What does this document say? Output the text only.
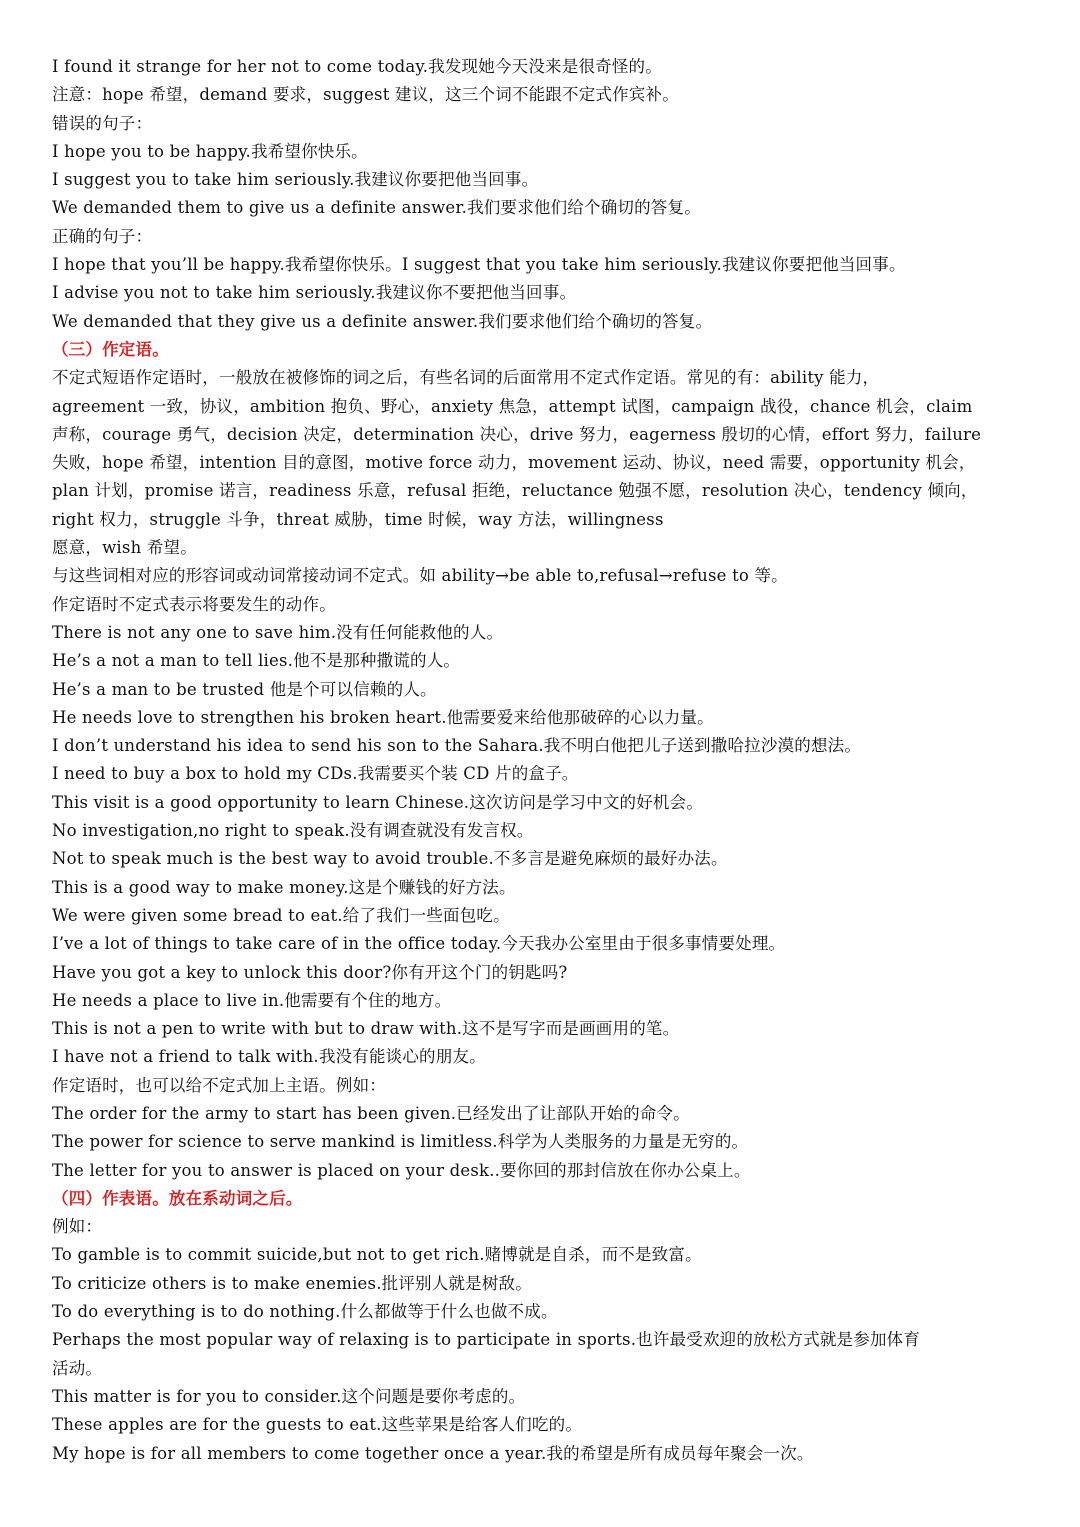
I found it strange for her not to come today.我发现她今天没来是很奇怪的。
注意：hope 希望，demand 要求，suggest 建议，这三个词不能跟不定式作宾补。
错误的句子：
I hope you to be happy.我希望你快乐。
I suggest you to take him seriously.我建议你要把他当回事。
We demanded them to give us a definite answer.我们要求他们给个确切的答复。
正确的句子：
I hope that you’ll be happy.我希望你快乐。I suggest that you take him seriously.我建议你要把他当回事。
I advise you not to take him seriously.我建议你不要把他当回事。
We demanded that they give us a definite answer.我们要求他们给个确切的答复。
（三）作定语。
不定式短语作定语时，一般放在被修饰的词之后，有些名词的后面常用不定式作定语。常见的有：ability 能力，
agreement 一致，协议，ambition 抱负、野心，anxiety 焦急，attempt 试图，campaign 战役，chance 机会，claim
声称，courage 勇气，decision 决定，determination 决心，drive 努力，eagerness 殷切的心情，effort 努力，failure
失败，hope 希望，intention 目的意图，motive force 动力，movement 运动、协议，need 需要，opportunity 机会，
plan 计划，promise 诺言，readiness 乐意，refusal 拒绝，reluctance 勉强不愿，resolution 决心，tendency 倾向，
right 权力，struggle 斗争，threat 威胁，time 时候，way 方法，willingness
愿意，wish 希望。
与这些词相对应的形容词或动词常接动词不定式。如 ability→be able to,refusal→refuse to 等。
作定语时不定式表示将要发生的动作。
There is not any one to save him.没有任何能救他的人。
He’s a not a man to tell lies.他不是那种撒谎的人。
He’s a man to be trusted 他是个可以信赖的人。
He needs love to strengthen his broken heart.他需要爱来给他那破碎的心以力量。
I don’t understand his idea to send his son to the Sahara.我不明白他把儿子送到撒哈拉沙漠的想法。
I need to buy a box to hold my CDs.我需要买个装 CD 片的盒子。
This visit is a good opportunity to learn Chinese.这次访问是学习中文的好机会。
No investigation,no right to speak.没有调查就没有发言权。
Not to speak much is the best way to avoid trouble.不多言是避免麻烦的最好办法。
This is a good way to make money.这是个赚钱的好方法。
We were given some bread to eat.给了我们一些面包吃。
I’ve a lot of things to take care of in the office today.今天我办公室里由于很多事情要处理。
Have you got a key to unlock this door?你有开这个门的钥匙吗?
He needs a place to live in.他需要有个住的地方。
This is not a pen to write with but to draw with.这不是写字而是画画用的笔。
I have not a friend to talk with.我没有能谈心的朋友。
作定语时，也可以给不定式加上主语。例如：
The order for the army to start has been given.已经发出了让部队开始的命令。
The power for science to serve mankind is limitless.科学为人类服务的力量是无穷的。
The letter for you to answer is placed on your desk..要你回的那封信放在你办公桌上。
（四）作表语。放在系动词之后。
例如：
To gamble is to commit suicide,but not to get rich.赌博就是自杀，而不是致富。
To criticize others is to make enemies.批评别人就是树敌。
To do everything is to do nothing.什么都做等于什么也做不成。
Perhaps the most popular way of relaxing is to participate in sports.也许最受欢迎的放松方式就是参加体育
活动。
This matter is for you to consider.这个问题是要你考虑的。
These apples are for the guests to eat.这些苹果是给客人们吃的。
My hope is for all members to come together once a year.我的希望是所有成员每年聚会一次。
